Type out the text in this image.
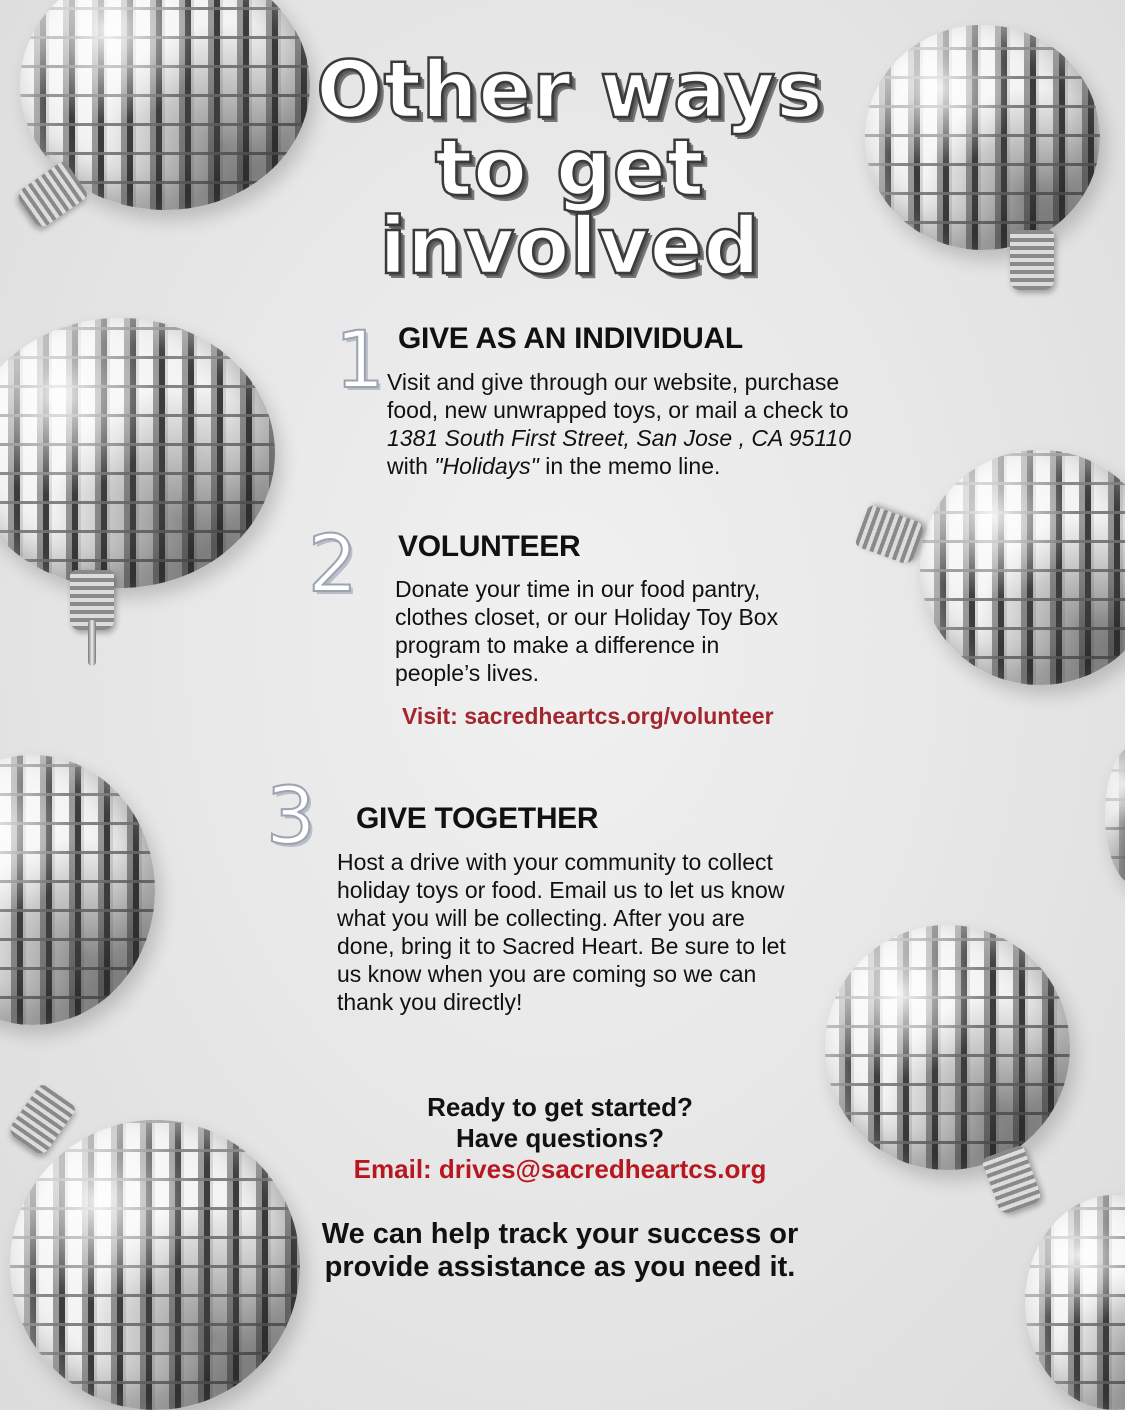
Other ways
to get
involved
1 GIVE AS AN INDIVIDUAL
Visit and give through our website, purchase
food, new unwrapped toys, or mail a check to
1381 South First Street, San Jose , CA 95110
with "Holidays" in the memo line.
2 VOLUNTEER
Donate your time in our food pantry,
clothes closet, or our Holiday Toy Box
program to make a difference in
people’s lives.
Visit: sacredheartcs.org/volunteer
3 GIVE TOGETHER
Host a drive with your community to collect
holiday toys or food. Email us to let us know
what you will be collecting. After you are
done, bring it to Sacred Heart. Be sure to let
us know when you are coming so we can
thank you directly!
Ready to get started?
Have questions?
Email: drives@sacredheartcs.org
We can help track your success or
provide assistance as you need it.
